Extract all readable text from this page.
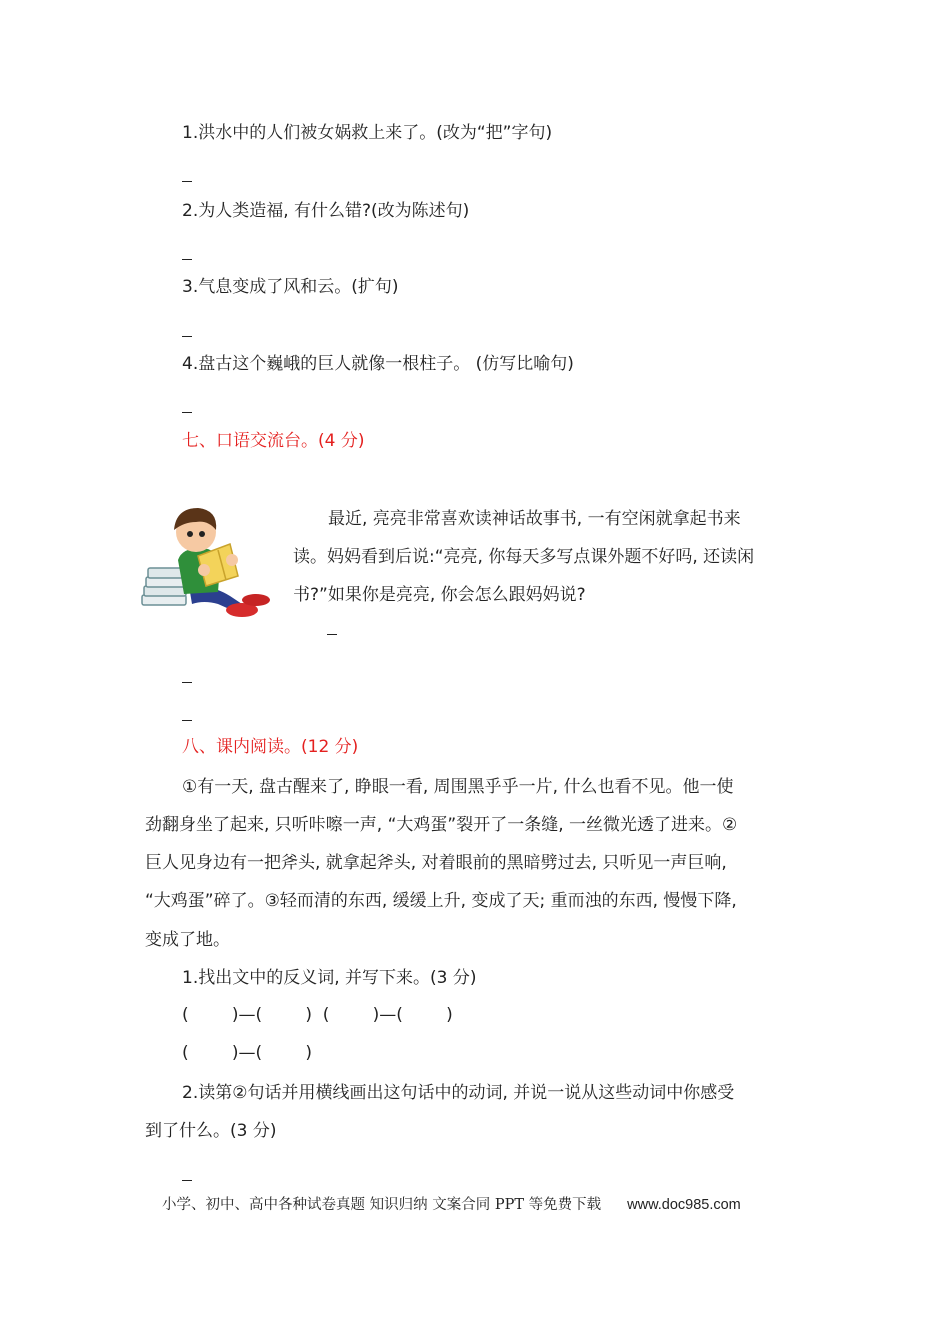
1.洪水中的人们被女娲救上来了。(改为“把”字句)
2.为人类造福, 有什么错?(改为陈述句)
3.气息变成了风和云。(扩句)
4.盘古这个巍峨的巨人就像一根柱子。 (仿写比喻句)
七、口语交流台。(4 分)
最近, 亮亮非常喜欢读神话故事书, 一有空闲就拿起书来
读。妈妈看到后说:“亮亮, 你每天多写点课外题不好吗, 还读闲
书?”如果你是亮亮, 你会怎么跟妈妈说?
八、课内阅读。(12 分)
①有一天, 盘古醒来了, 睁眼一看, 周围黑乎乎一片, 什么也看不见。他一使
劲翻身坐了起来, 只听咔嚓一声, “大鸡蛋”裂开了一条缝, 一丝微光透了进来。②
巨人见身边有一把斧头, 就拿起斧头, 对着眼前的黑暗劈过去, 只听见一声巨响,
“大鸡蛋”碎了。③轻而清的东西, 缓缓上升, 变成了天; 重而浊的东西, 慢慢下降,
变成了地。
1.找出文中的反义词, 并写下来。(3 分)
(        )—(        )  (        )—(        )
(        )—(        )
2.读第②句话并用横线画出这句话中的动词, 并说一说从这些动词中你感受
到了什么。(3 分)
小学、初中、高中各种试卷真题 知识归纳 文案合同 PPT 等免费下载 www.doc985.com
